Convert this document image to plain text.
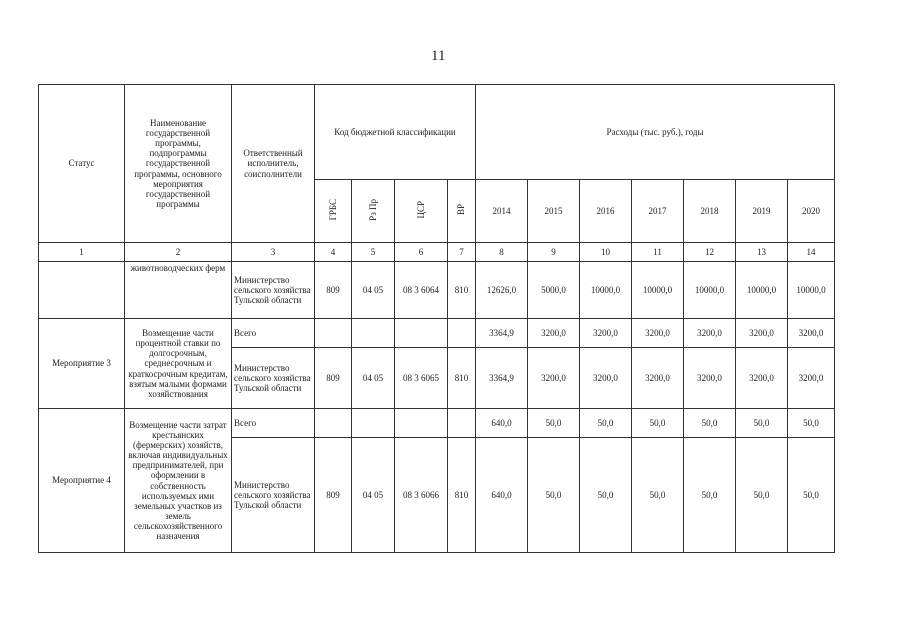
11
Статус	Наименование государственной программы, подпрограммы государственной программы, основного мероприятия государственной программы	Ответственный исполнитель, соисполнители	Код бюджетной классификации				Расходы (тыс. руб.), годы						
			ГРБС	Рз Пр	ЦСР	ВР	2014	2015	2016	2017	2018	2019	2020
1	2	3	4	5	6	7	8	9	10	11	12	13	14
	животноводческих ферм	Министерство сельского хозяйства Тульской области	809	04 05	08 3 6064	810	12626,0	5000,0	10000,0	10000,0	10000,0	10000,0	10000,0
Мероприятие 3	Возмещение части процентной ставки по долгосрочным, среднесрочным и краткосрочным кредитам, взятым малыми формами хозяйствования	Всего					3364,9	3200,0	3200,0	3200,0	3200,0	3200,0	3200,0
		Министерство сельского хозяйства Тульской области	809	04 05	08 3 6065	810	3364,9	3200,0	3200,0	3200,0	3200,0	3200,0	3200,0
Мероприятие 4	Возмещение части затрат крестьянских (фермерских) хозяйств, включая индивидуальных предпринимателей, при оформлении в собственность используемых ими земельных участков из земель сельскохозяйственного назначения	Всего					640,0	50,0	50,0	50,0	50,0	50,0	50,0
		Министерство сельского хозяйства Тульской области	809	04 05	08 3 6066	810	640,0	50,0	50,0	50,0	50,0	50,0	50,0
